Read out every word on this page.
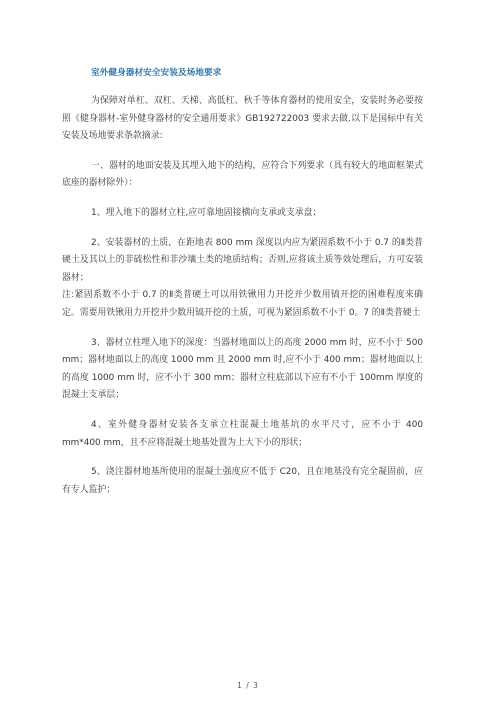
室外健身器材安全安装及场地要求

为保障对单杠、双杠、天梯、高低杠、秋千等体育器材的使用安全，安装时务必要按照《健身器材-室外健身器材的安全通用要求》GB192722003 要求去做.以下是国标中有关安装及场地要求条款摘录:

一、器材的地面安装及其埋入地下的结构，应符合下列要求（具有较大的地面框架式底座的器材除外）：

1、埋入地下的器材立柱,应可靠地固接横向支承或支承盘；

2、安装器材的土质，在距地表 800 mm 深度以内应为紧固系数不小于 0.7 的Ⅱ类普硬土及其以上的非硫松性和非沙壤土类的地质结构；否则,应将该土质等效处理后，方可安装器材；

注:紧固系数不小于 0.7 的Ⅱ类普硬土可以用铁锹用力开挖并少数用镐开挖的困难程度来确定。需要用铁锹用力开挖并少数用镐开挖的土质，可视为紧固系数不小于 0。7 的Ⅱ类普硬土

3、器材立柱埋入地下的深度：当器材地面以上的高度 2000 mm 时，应不小于 500 mm；器材地面以上的高度 1000 mm 且 2000 mm 时,应不小于 400 mm；器材地面以上的高度 1000 mm 时，应不小于 300 mm；器材立柱底部以下应有不小于 100mm 厚度的混凝土支承层；

4、室外健身器材安装各支承立柱混凝土地基坑的水平尺寸，应不小于 400 mm*400 mm，且不应将混凝土地基处置为上大下小的形状；

5、浇注器材地基所使用的混凝土强度应不低于 C20，且在地基没有完全凝固前，应有专人监护；

1 / 3
